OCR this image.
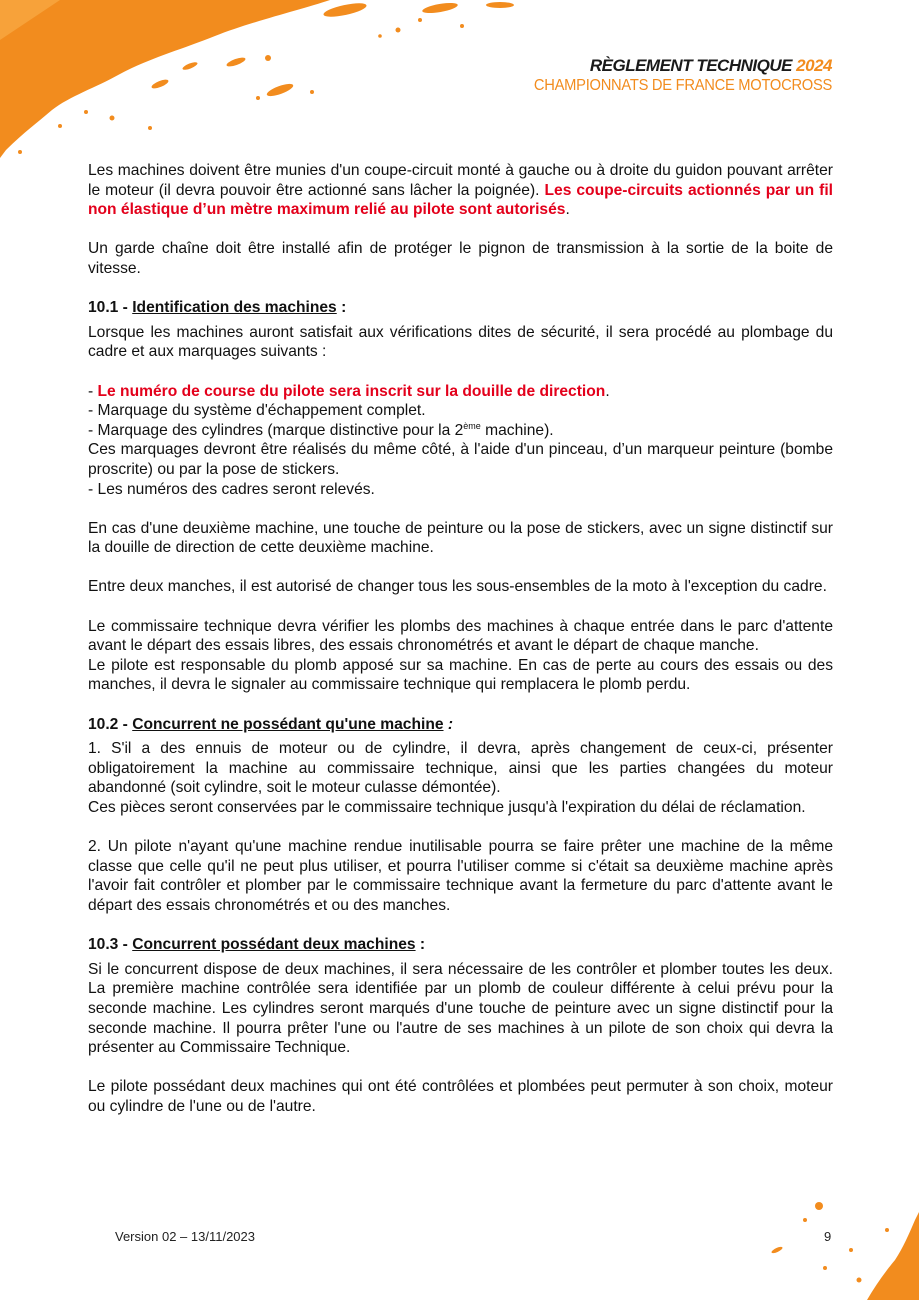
RÈGLEMENT TECHNIQUE 2024
CHAMPIONNATS DE FRANCE MOTOCROSS

Les machines doivent être munies d'un coupe-circuit monté à gauche ou à droite du guidon pouvant arrêter le moteur (il devra pouvoir être actionné sans lâcher la poignée). Les coupe-circuits actionnés par un fil non élastique d’un mètre maximum relié au pilote sont autorisés.

Un garde chaîne doit être installé afin de protéger le pignon de transmission à la sortie de la boite de vitesse.

10.1 - Identification des machines :

Lorsque les machines auront satisfait aux vérifications dites de sécurité, il sera procédé au plombage du cadre et aux marquages suivants :

- Le numéro de course du pilote sera inscrit sur la douille de direction.

- Marquage du système d'échappement complet.

- Marquage des cylindres (marque distinctive pour la 2ème machine).

Ces marquages devront être réalisés du même côté, à l'aide d'un pinceau, d’un marqueur peinture (bombe proscrite) ou par la pose de stickers.

- Les numéros des cadres seront relevés.

En cas d'une deuxième machine, une touche de peinture ou la pose de stickers, avec un signe distinctif sur la douille de direction de cette deuxième machine.

Entre deux manches, il est autorisé de changer tous les sous-ensembles de la moto à l'exception du cadre.

Le commissaire technique devra vérifier les plombs des machines à chaque entrée dans le parc d'attente avant le départ des essais libres, des essais chronométrés et avant le départ de chaque manche.

Le pilote est responsable du plomb apposé sur sa machine. En cas de perte au cours des essais ou des manches, il devra le signaler au commissaire technique qui remplacera le plomb perdu.

10.2 - Concurrent ne possédant qu'une machine :

1. S'il a des ennuis de moteur ou de cylindre, il devra, après changement de ceux-ci, présenter obligatoirement la machine au commissaire technique, ainsi que les parties changées du moteur abandonné (soit cylindre, soit le moteur culasse démontée).

Ces pièces seront conservées par le commissaire technique jusqu'à l'expiration du délai de réclamation.

2. Un pilote n'ayant qu'une machine rendue inutilisable pourra se faire prêter une machine de la même classe que celle qu'il ne peut plus utiliser, et pourra l'utiliser comme si c'était sa deuxième machine après l'avoir fait contrôler et plomber par le commissaire technique avant la fermeture du parc d'attente avant le départ des essais chronométrés et ou des manches.

10.3 - Concurrent possédant deux machines :

Si le concurrent dispose de deux machines, il sera nécessaire de les contrôler et plomber toutes les deux. La première machine contrôlée sera identifiée par un plomb de couleur différente à celui prévu pour la seconde machine. Les cylindres seront marqués d'une touche de peinture avec un signe distinctif pour la seconde machine. Il pourra prêter l'une ou l'autre de ses machines à un pilote de son choix qui devra la présenter au Commissaire Technique.

Le pilote possédant deux machines qui ont été contrôlées et plombées peut permuter à son choix, moteur ou cylindre de l'une ou de l'autre.

Version 02 – 13/11/2023	9
